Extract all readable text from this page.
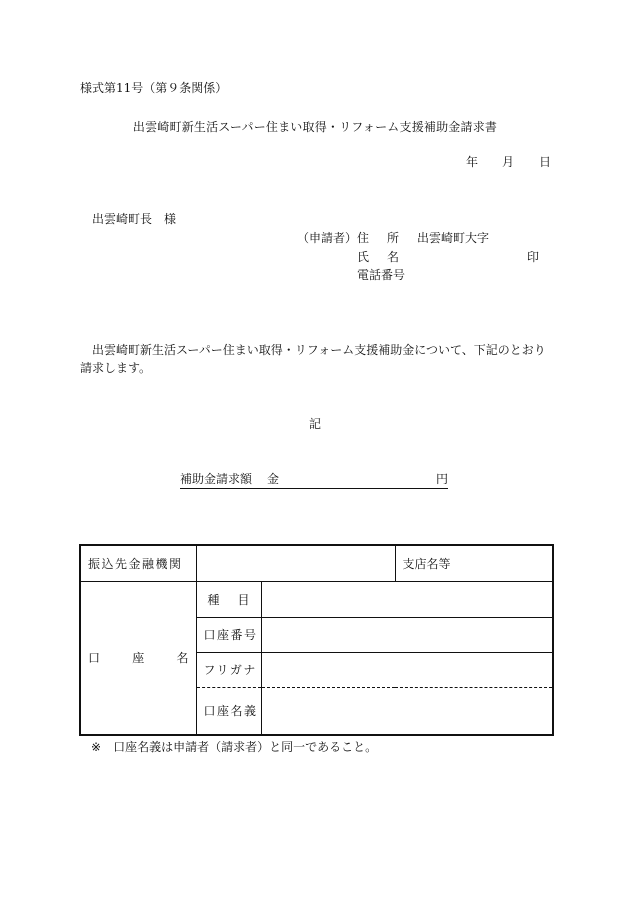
様式第11号（第９条関係）
出雲崎町新生活スーパー住まい取得・リフォーム支援補助金請求書
年 月 日
出雲崎町長　様
（申請者） 住所 出雲崎町大字
氏名	印
電話番号
出雲崎町新生活スーパー住まい取得・リフォーム支援補助金について、下記のとおり請求します。
記
補助金請求額 金	円
振込先金融機関			支店名等

口 座 名	種 目		

	口座番号		
	フリガナ		
	口座名義		
※ 口座名義は申請者（請求者）と同一であること。
